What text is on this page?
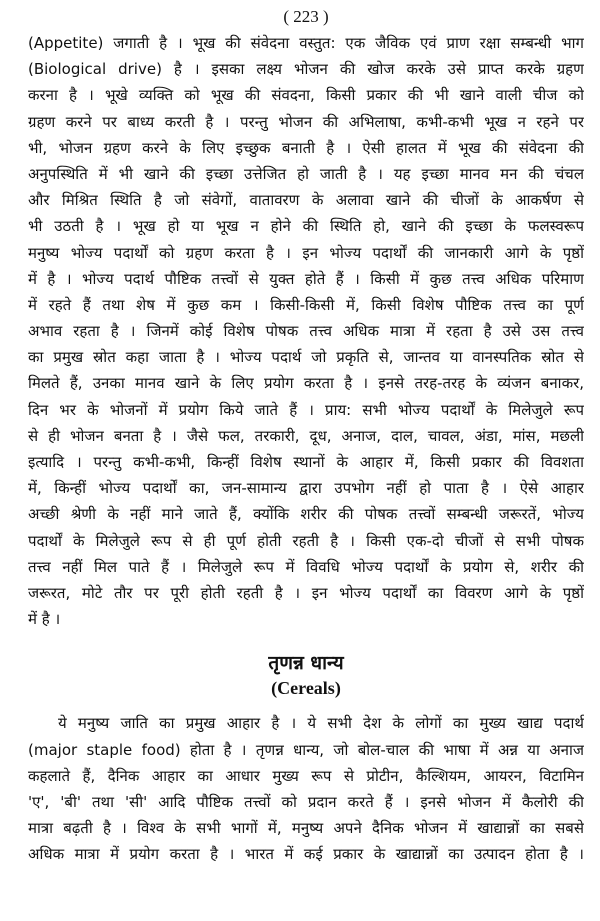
( 223 )
(Appetite) जगाती है । भूख की संवेदना वस्तुत: एक जैविक एवं प्राण रक्षा सम्बन्धी भाग
(Biological drive) है । इसका लक्ष्य भोजन की खोज करके उसे प्राप्त करके ग्रहण
करना है । भूखे व्यक्ति को भूख की संवदना, किसी प्रकार की भी खाने वाली चीज को
ग्रहण करने पर बाध्य करती है । परन्तु भोजन की अभिलाषा, कभी-कभी भूख न रहने पर
भी, भोजन ग्रहण करने के लिए इच्छुक बनाती है । ऐसी हालत में भूख की संवेदना की
अनुपस्थिति में भी खाने की इच्छा उत्तेजित हो जाती है । यह इच्छा मानव मन की चंचल
और मिश्रित स्थिति है जो संवेगों, वातावरण के अलावा खाने की चीजों के आकर्षण से
भी उठती है । भूख हो या भूख न होने की स्थिति हो, खाने की इच्छा के फलस्वरूप
मनुष्य भोज्य पदार्थों को ग्रहण करता है । इन भोज्य पदार्थों की जानकारी आगे के पृष्ठों
में है । भोज्य पदार्थ पौष्टिक तत्त्वों से युक्त होते हैं । किसी में कुछ तत्त्व अधिक परिमाण
में रहते हैं तथा शेष में कुछ कम । किसी-किसी में, किसी विशेष पौष्टिक तत्त्व का पूर्ण
अभाव रहता है । जिनमें कोई विशेष पोषक तत्त्व अधिक मात्रा में रहता है उसे उस तत्त्व
का प्रमुख स्रोत कहा जाता है । भोज्य पदार्थ जो प्रकृति से, जान्तव या वानस्पतिक स्रोत से
मिलते हैं, उनका मानव खाने के लिए प्रयोग करता है । इनसे तरह-तरह के व्यंजन बनाकर,
दिन भर के भोजनों में प्रयोग किये जाते हैं । प्राय: सभी भोज्य पदार्थों के मिलेजुले रूप
से ही भोजन बनता है । जैसे फल, तरकारी, दूध, अनाज, दाल, चावल, अंडा, मांस, मछली
इत्यादि । परन्तु कभी-कभी, किन्हीं विशेष स्थानों के आहार में, किसी प्रकार की विवशता
में, किन्हीं भोज्य पदार्थों का, जन-सामान्य द्वारा उपभोग नहीं हो पाता है । ऐसे आहार
अच्छी श्रेणी के नहीं माने जाते हैं, क्योंकि शरीर की पोषक तत्त्वों सम्बन्धी जरूरतें, भोज्य
पदार्थों के मिलेजुले रूप से ही पूर्ण होती रहती है । किसी एक-दो चीजों से सभी पोषक
तत्त्व नहीं मिल पाते हैं । मिलेजुले रूप में विवधि भोज्य पदार्थों के प्रयोग से, शरीर की
जरूरत, मोटे तौर पर पूरी होती रहती है । इन भोज्य पदार्थों का विवरण आगे के पृष्ठों
में है ।
तृणन्न धान्य
(Cereals)
ये मनुष्य जाति का प्रमुख आहार है । ये सभी देश के लोगों का मुख्य खाद्य पदार्थ
(major staple food) होता है । तृणन्न धान्य, जो बोल-चाल की भाषा में अन्न या अनाज
कहलाते हैं, दैनिक आहार का आधार मुख्य रूप से प्रोटीन, कैल्शियम, आयरन, विटामिन
'ए', 'बी' तथा 'सी' आदि पौष्टिक तत्त्वों को प्रदान करते हैं । इनसे भोजन में कैलोरी की
मात्रा बढ़ती है । विश्व के सभी भागों में, मनुष्य अपने दैनिक भोजन में खाद्यान्नों का सबसे
अधिक मात्रा में प्रयोग करता है । भारत में कई प्रकार के खाद्यान्नों का उत्पादन होता है ।
